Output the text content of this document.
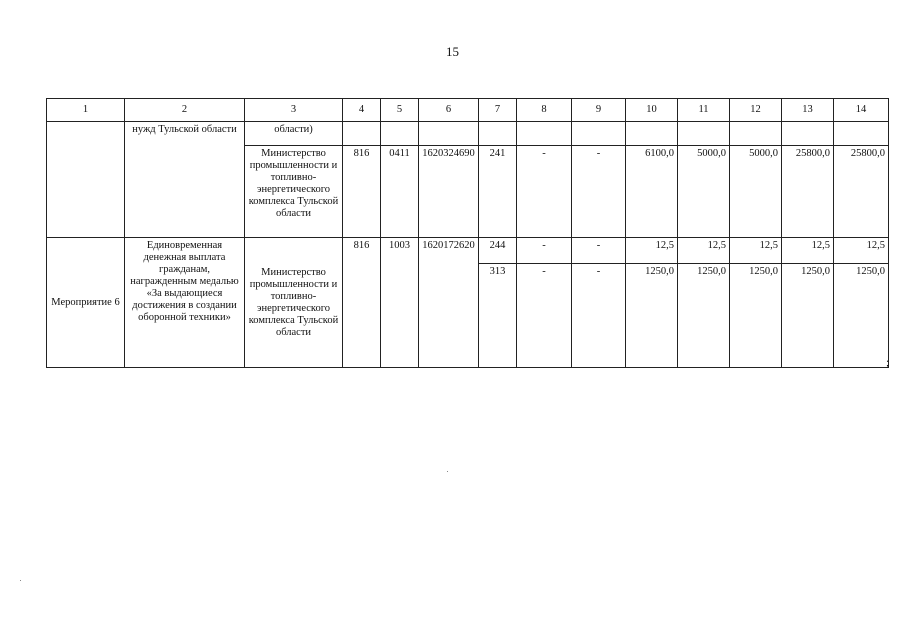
15
1	2	3	4	5	6	7	8	9	10	11	12	13	14
	нужд Тульской области	области)											
		Министерство промышленности и топливно-энергетического комплекса Тульской области	816	0411	1620324690	241	-	-	6100,0	5000,0	5000,0	25800,0	25800,0
Мероприятие 6	Единовременная денежная выплата гражданам, награжденным медалью «За выдающиеся достижения в создании оборонной техники»	Министерство промышленности и топливно-энергетического комплекса Тульской области	816	1003	1620172620	244	-	-	12,5	12,5	12,5	12,5	12,5
						313	-	-	1250,0	1250,0	1250,0	1250,0	1250,0
;
